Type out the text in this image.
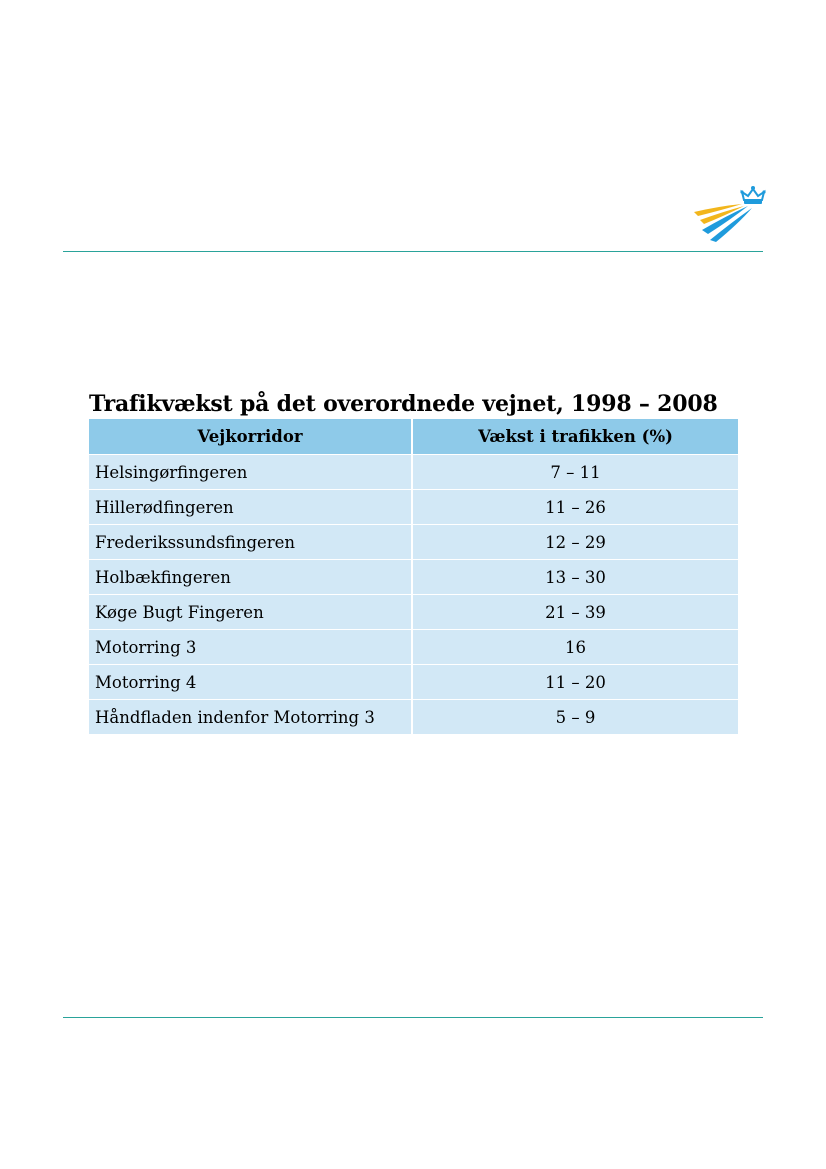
Trafikvækst på det overordnede vejnet, 1998 – 2008
Vejkorridor	Vækst i trafikken (%)
Helsingørfingeren	7 – 11
Hillerødfingeren	11 – 26
Frederikssundsfingeren	12 – 29
Holbækfingeren	13 – 30
Køge Bugt Fingeren	21 – 39
Motorring 3	16
Motorring 4	11 – 20
Håndfladen indenfor Motorring 3	5 – 9
